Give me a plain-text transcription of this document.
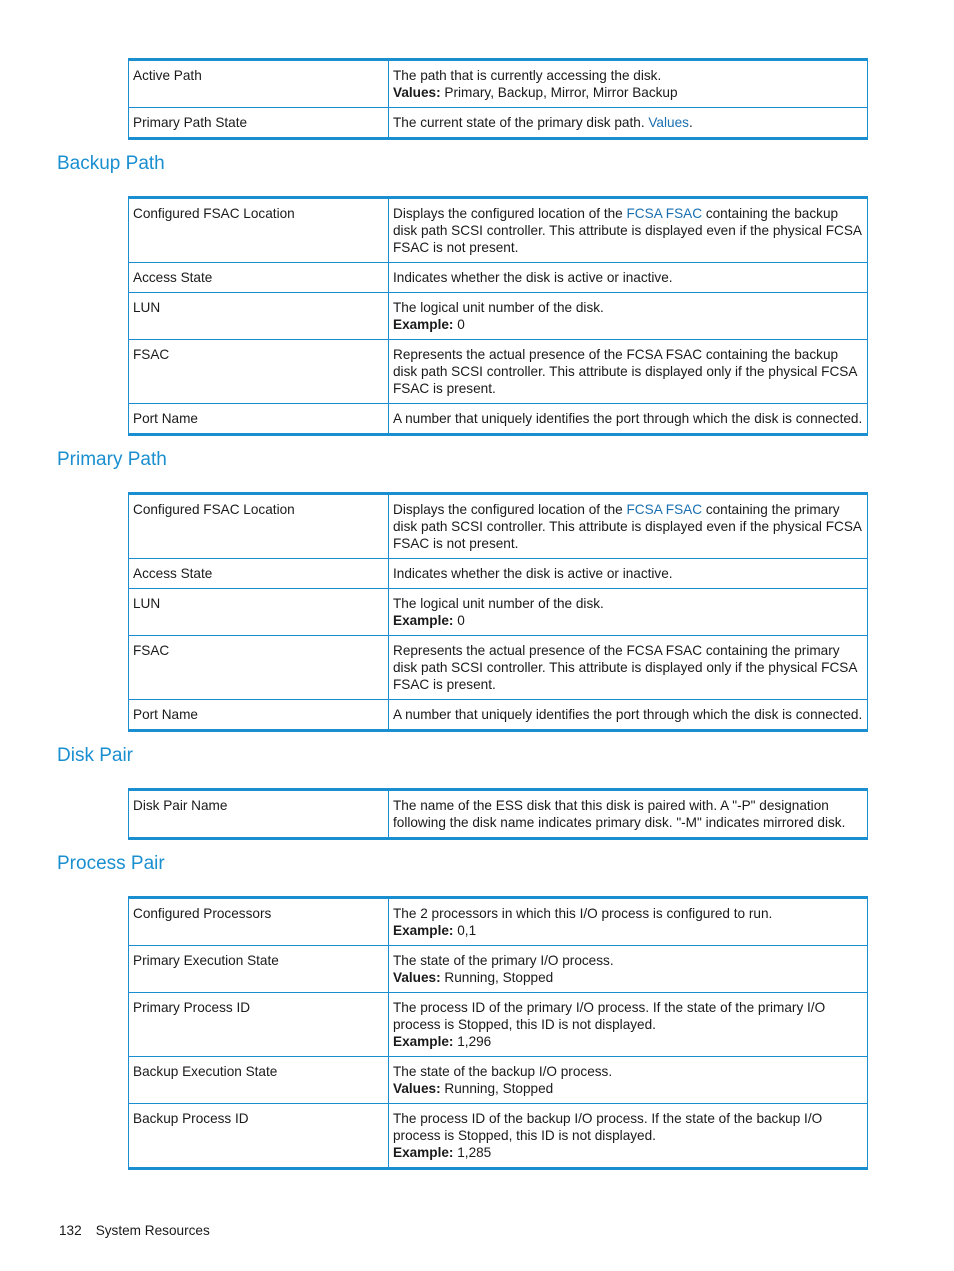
Active Path	The path that is currently accessing the disk.
Values: Primary, Backup, Mirror, Mirror Backup

Primary Path State	The current state of the primary disk path. Values.
Backup Path
Configured FSAC Location	Displays the configured location of the FCSA FSAC containing the backup disk path SCSI controller. This attribute is displayed even if the physical FCSA FSAC is not present.
Access State	Indicates whether the disk is active or inactive.
LUN	The logical unit number of the disk.
Example: 0

FSAC	Represents the actual presence of the FCSA FSAC containing the backup disk path SCSI controller. This attribute is displayed only if the physical FCSA FSAC is present.
Port Name	A number that uniquely identifies the port through which the disk is connected.
Primary Path
Configured FSAC Location	Displays the configured location of the FCSA FSAC containing the primary disk path SCSI controller. This attribute is displayed even if the physical FCSA FSAC is not present.
Access State	Indicates whether the disk is active or inactive.
LUN	The logical unit number of the disk.
Example: 0

FSAC	Represents the actual presence of the FCSA FSAC containing the primary disk path SCSI controller. This attribute is displayed only if the physical FCSA FSAC is present.
Port Name	A number that uniquely identifies the port through which the disk is connected.
Disk Pair
Disk Pair Name	The name of the ESS disk that this disk is paired with. A "-P" designation following the disk name indicates primary disk. "-M" indicates mirrored disk.
Process Pair
Configured Processors	The 2 processors in which this I/O process is configured to run.
Example: 0,1

Primary Execution State	The state of the primary I/O process.
Values: Running, Stopped

Primary Process ID	The process ID of the primary I/O process. If the state of the primary I/O process is Stopped, this ID is not displayed.
Example: 1,296

Backup Execution State	The state of the backup I/O process.
Values: Running, Stopped

Backup Process ID	The process ID of the backup I/O process. If the state of the backup I/O process is Stopped, this ID is not displayed.
Example: 1,285
132 System Resources
